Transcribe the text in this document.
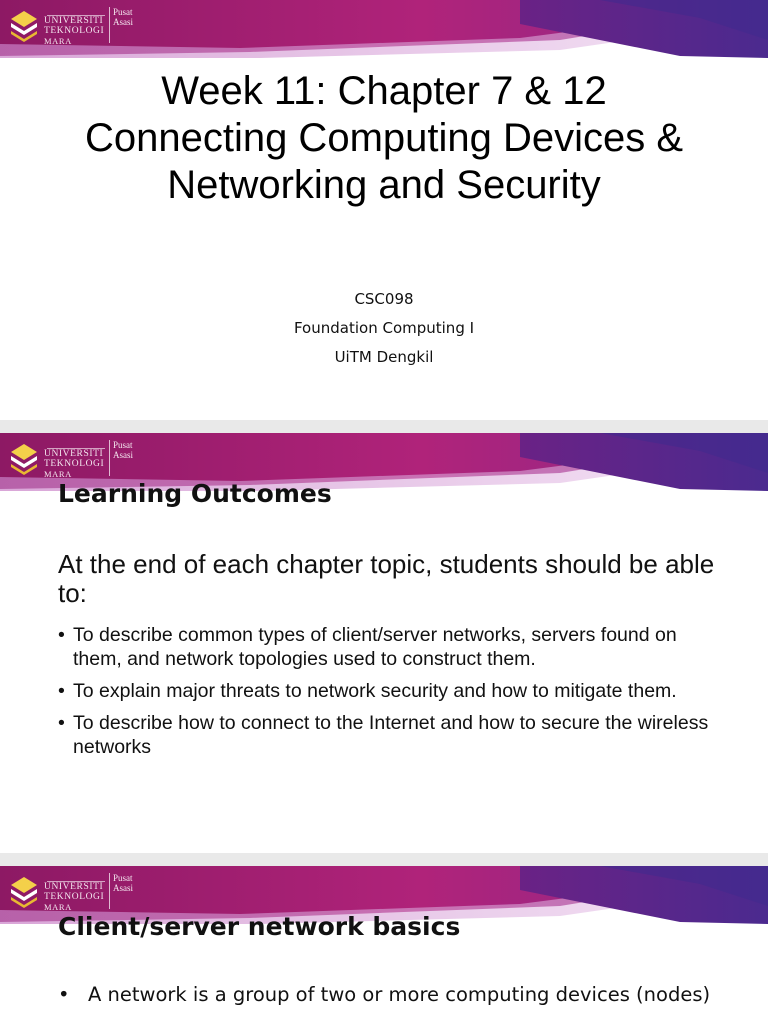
UNIVERSITI
TEKNOLOGI
MARA
Pusat
Asasi
Week 11: Chapter 7 & 12 Connecting Computing Devices & Networking and Security
CSC098
Foundation Computing I
UiTM Dengkil
UNIVERSITI
TEKNOLOGI
MARA
Pusat
Asasi
Learning Outcomes
At the end of each chapter topic, students should be able to:
• To describe common types of client/server networks, servers found on them, and network topologies used to construct them.
• To explain major threats to network security and how to mitigate them.
• To describe how to connect to the Internet and how to secure the wireless networks
UNIVERSITI
TEKNOLOGI
MARA
Pusat
Asasi
Client/server network basics
• A network is a group of two or more computing devices (nodes)
